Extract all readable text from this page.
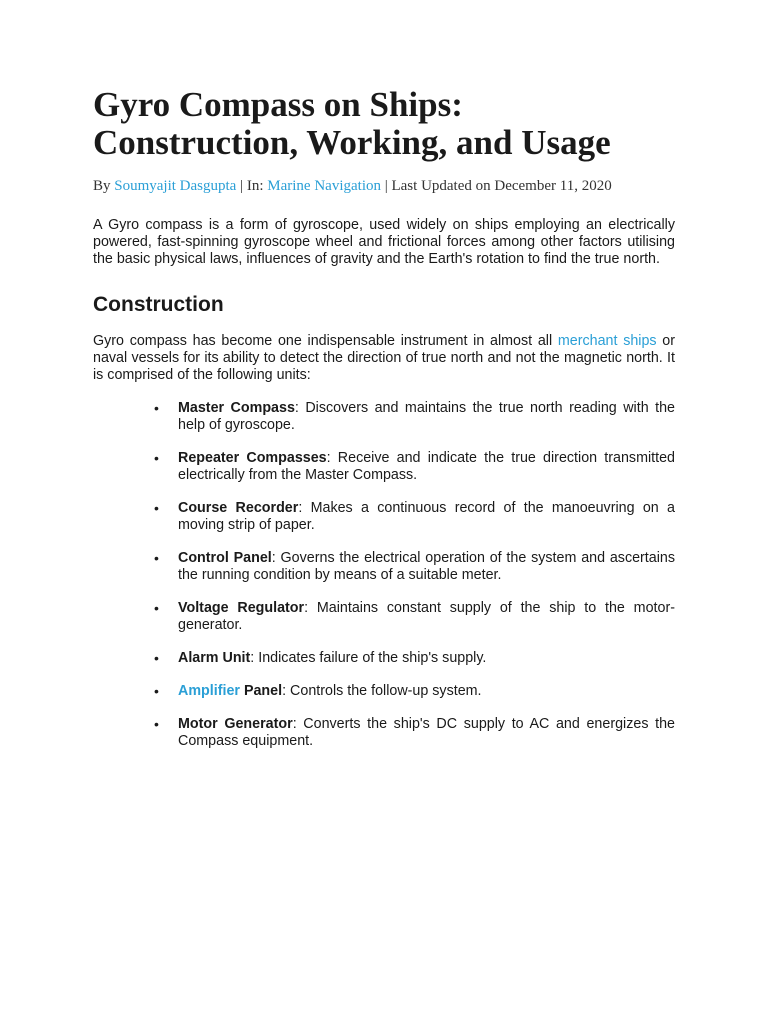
Gyro Compass on Ships: Construction, Working, and Usage
By Soumyajit Dasgupta | In: Marine Navigation | Last Updated on December 11, 2020

A Gyro compass is a form of gyroscope, used widely on ships employing an electrically powered, fast-spinning gyroscope wheel and frictional forces among other factors utilising the basic physical laws, influences of gravity and the Earth's rotation to find the true north.

Construction

Gyro compass has become one indispensable instrument in almost all merchant ships or naval vessels for its ability to detect the direction of true north and not the magnetic north. It is comprised of the following units:

• Master Compass: Discovers and maintains the true north reading with the help of gyroscope.
• Repeater Compasses: Receive and indicate the true direction transmitted electrically from the Master Compass.
• Course Recorder: Makes a continuous record of the manoeuvring on a moving strip of paper.
• Control Panel: Governs the electrical operation of the system and ascertains the running condition by means of a suitable meter.
• Voltage Regulator: Maintains constant supply of the ship to the motor-generator.
• Alarm Unit: Indicates failure of the ship's supply.
• Amplifier Panel: Controls the follow-up system.
• Motor Generator: Converts the ship's DC supply to AC and energizes the Compass equipment.
